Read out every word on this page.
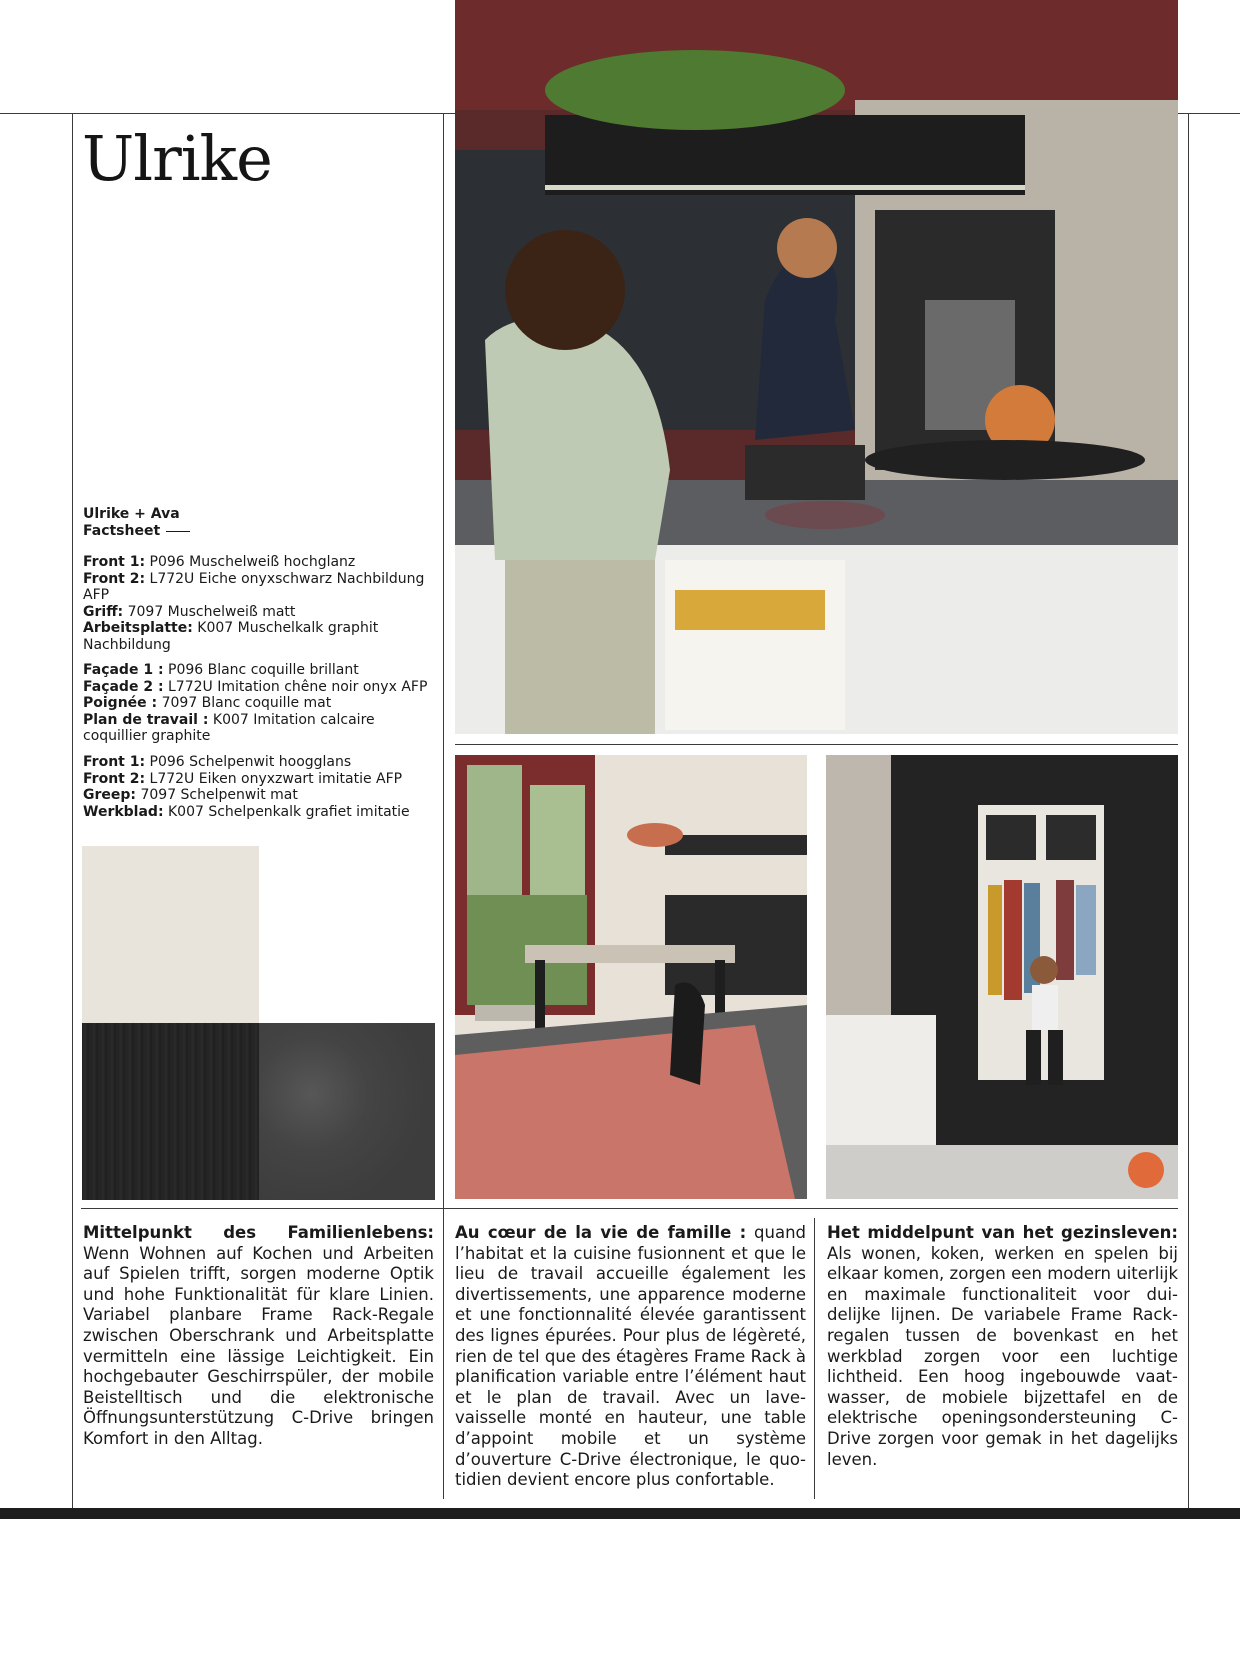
Ulrike
Ulrike + Ava
Factsheet
Front 1: P096 Muschelweiß hochglanz
Front 2: L772U Eiche onyxschwarz Nachbildung AFP
Griff: 7097 Muschelweiß matt
Arbeitsplatte: K007 Muschelkalk graphit Nachbildung
Façade 1 : P096 Blanc coquille brillant
Façade 2 : L772U Imitation chêne noir onyx AFP
Poignée : 7097 Blanc coquille mat
Plan de travail : K007 Imitation calcaire coquillier graphite
Front 1: P096 Schelpenwit hoogglans
Front 2: L772U Eiken onyxzwart imitatie AFP
Greep: 7097 Schelpenwit mat
Werkblad: K007 Schelpenkalk grafiet imitatie
Mittelpunkt des Familienlebens: Wenn Wohnen auf Kochen und Arbeiten auf Spielen trifft, sorgen moderne Optik und hohe Funktionalität für klare Linien. Variabel planbare Frame Rack-Regale zwischen Oberschrank und Arbeitsplatte vermitteln eine lässige Leichtigkeit. Ein hochgebauter Geschirrspüler, der mobile Beistelltisch und die elektronische Öffnungsunterstützung C-Drive bringen Komfort in den Alltag.
Au cœur de la vie de famille : quand l’habitat et la cuisine fusionnent et que le lieu de travail accueille également les divertissements, une apparence moderne et une fonctionnalité élevée garantissent des lignes épurées. Pour plus de légèreté, rien de tel que des étagères Frame Rack à planification variable entre l’élément haut et le plan de travail. Avec un lave-vaisselle monté en hauteur, une table d’appoint mobile et un système d’ouverture C-Drive électronique, le quotidien devient encore plus confortable.
Het middelpunt van het gezinsleven: Als wonen, koken, werken en spelen bij elkaar komen, zorgen een modern uiterlijk en maximale functionaliteit voor duidelijke lijnen. De variabele Frame Rack-regalen tussen de bovenkast en het werkblad zorgen voor een luchtige lichtheid. Een hoog ingebouwde vaatwasser, de mobiele bijzettafel en de elektrische openingsondersteuning C-Drive zorgen voor gemak in het dagelijks leven.
